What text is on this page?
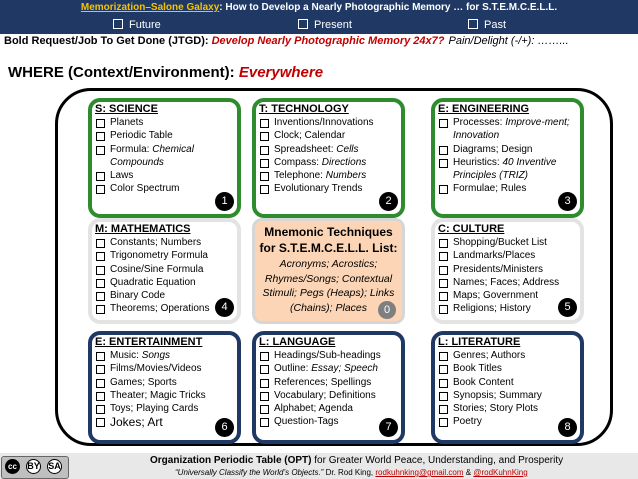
Memorization–Salone Galaxy: How to Develop a Nearly Photographic Memory … for S.T.E.M.C.E.L.L.
Future	Present	Past
Bold Request/Job To Get Done (JTGD): Develop Nearly Photographic Memory 24x7? Pain/Delight (-/+): ……...
WHERE (Context/Environment): Everywhere
S: SCIENCE
Planets
Periodic Table
Formula: Chemical Compounds
Laws
Color Spectrum
1
T: TECHNOLOGY
Inventions/Innovations
Clock; Calendar
Spreadsheet: Cells
Compass: Directions
Telephone: Numbers
Evolutionary Trends
2
E: ENGINEERING
Processes: Improve-ment; Innovation
Diagrams; Design
Heuristics: 40 Inventive Principles (TRIZ)
Formulae; Rules
3
M: MATHEMATICS
Constants; Numbers
Trigonometry Formula
Cosine/Sine Formula
Quadratic Equation
Binary Code
Theorems; Operations	4
Mnemonic Techniques for S.T.E.M.C.E.L.L. List:
Acronyms; Acrostics; Rhymes/Songs; Contextual Stimuli; Pegs (Heaps); Links (Chains); Places	0
C: CULTURE
Shopping/Bucket List
Landmarks/Places
Presidents/Ministers
Names; Faces; Address
Maps; Government
Religions; History	5
E: ENTERTAINMENT
Music: Songs
Films/Movies/Videos
Games; Sports
Theater; Magic Tricks
Toys; Playing Cards
Jokes; Art	6
L: LANGUAGE
Headings/Sub-headings
Outline: Essay; Speech
References; Spellings
Vocabulary; Definitions
Alphabet; Agenda
Question-Tags	7
L: LITERATURE
Genres; Authors
Book Titles
Book Content
Synopsis; Summary
Stories; Story Plots
Poetry	8
cc	BY SA	Organization Periodic Table (OPT) for Greater World Peace, Understanding, and Prosperity
“Universally Classify the World’s Objects.” Dr. Rod King, rodkuhnking@gmail.com & @rodKuhnKing
